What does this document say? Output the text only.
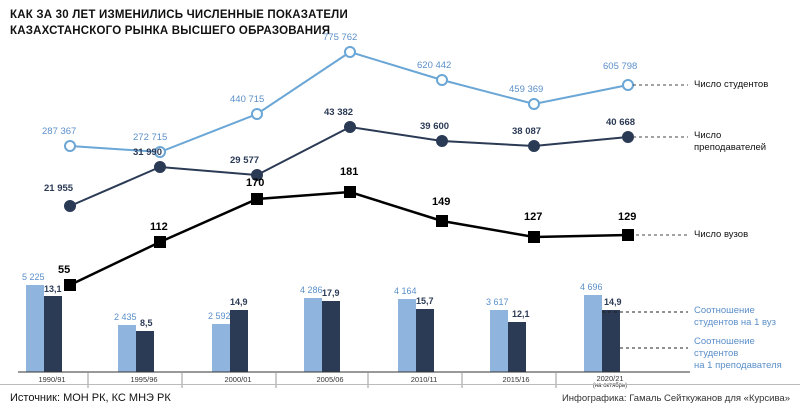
КАК ЗА 30 ЛЕТ ИЗМЕНИЛИСЬ ЧИСЛЕННЫЕ ПОКАЗАТЕЛИ
КАЗАХСТАНСКОГО РЫНКА ВЫСШЕГО ОБРАЗОВАНИЯ
287 367
272 715
440 715
775 762
620 442
459 369
605 798
21 955
31 990
29 577
43 382
39 600	38 087
40 668
55
112
170
181
149
127	129
5 225
2 435	2 592
4 286	4 164
3 617
4 696
13,1
8,5
14,9
17,9
15,7
12,1
14,9
1990/91	1995/96	2000/01	2005/06	2010/11	2015/16	2020/21
(на октябрь)
Число студентов
Число
преподавателей
Число вузов
Соотношение
студентов на 1 вуз
Соотношение
студентов
на 1 преподавателя
Источник: МОН РК, КС МНЭ РК	Инфографика: Гамаль Сейткужанов для «Курсива»
